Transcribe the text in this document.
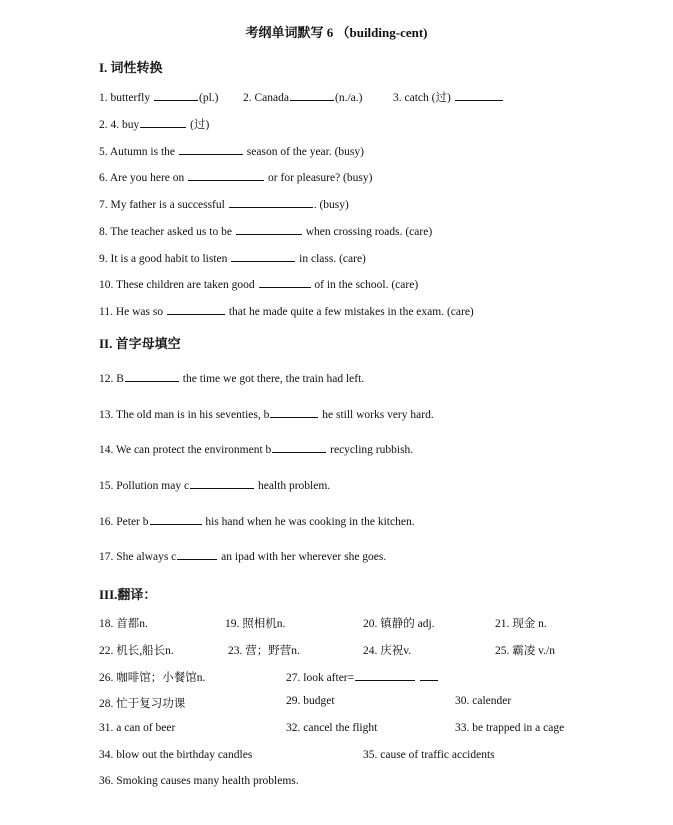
考纲单词默写 6 （building-cent)
I. 词性转换
1. butterfly	(pl.) 2. Canada	(n./a.)	3. catch (过)
2. 4. buy	(过)
5. Autumn is the	season of the year. (busy)
6. Are you here on	or for pleasure? (busy)
7. My father is a successful	. (busy)
8. The teacher asked us to be	when crossing roads. (care)
9. It is a good habit to listen	in class. (care)
10. These children are taken good	of in the school. (care)
11. He was so	that he made quite a few mistakes in the exam. (care)
II. 首字母填空
12. B	the time we got there, the train had left.
13. The old man is in his seventies, b	he still works very hard.
14. We can protect the environment b	recycling rubbish.
15. Pollution may c	health problem.
16. Peter b	his hand when he was cooking in the kitchen.
17. She always c	an ipad with her wherever she goes.
III.翻译：
18. 首都n.	19. 照相机n.	20. 镇静的 adj.	21. 现金 n.
22. 机长,船长n.	23. 营；野营n.	24. 庆祝v.	25. 霸凌 v./n
26. 咖啡馆；小餐馆n.	27. look after=
28. 忙于复习功课	29. budget	30. calender
31. a can of beer	32. cancel the flight	33. be trapped in a cage
34. blow out the birthday candles	35. cause of traffic accidents
36. Smoking causes many health problems.
